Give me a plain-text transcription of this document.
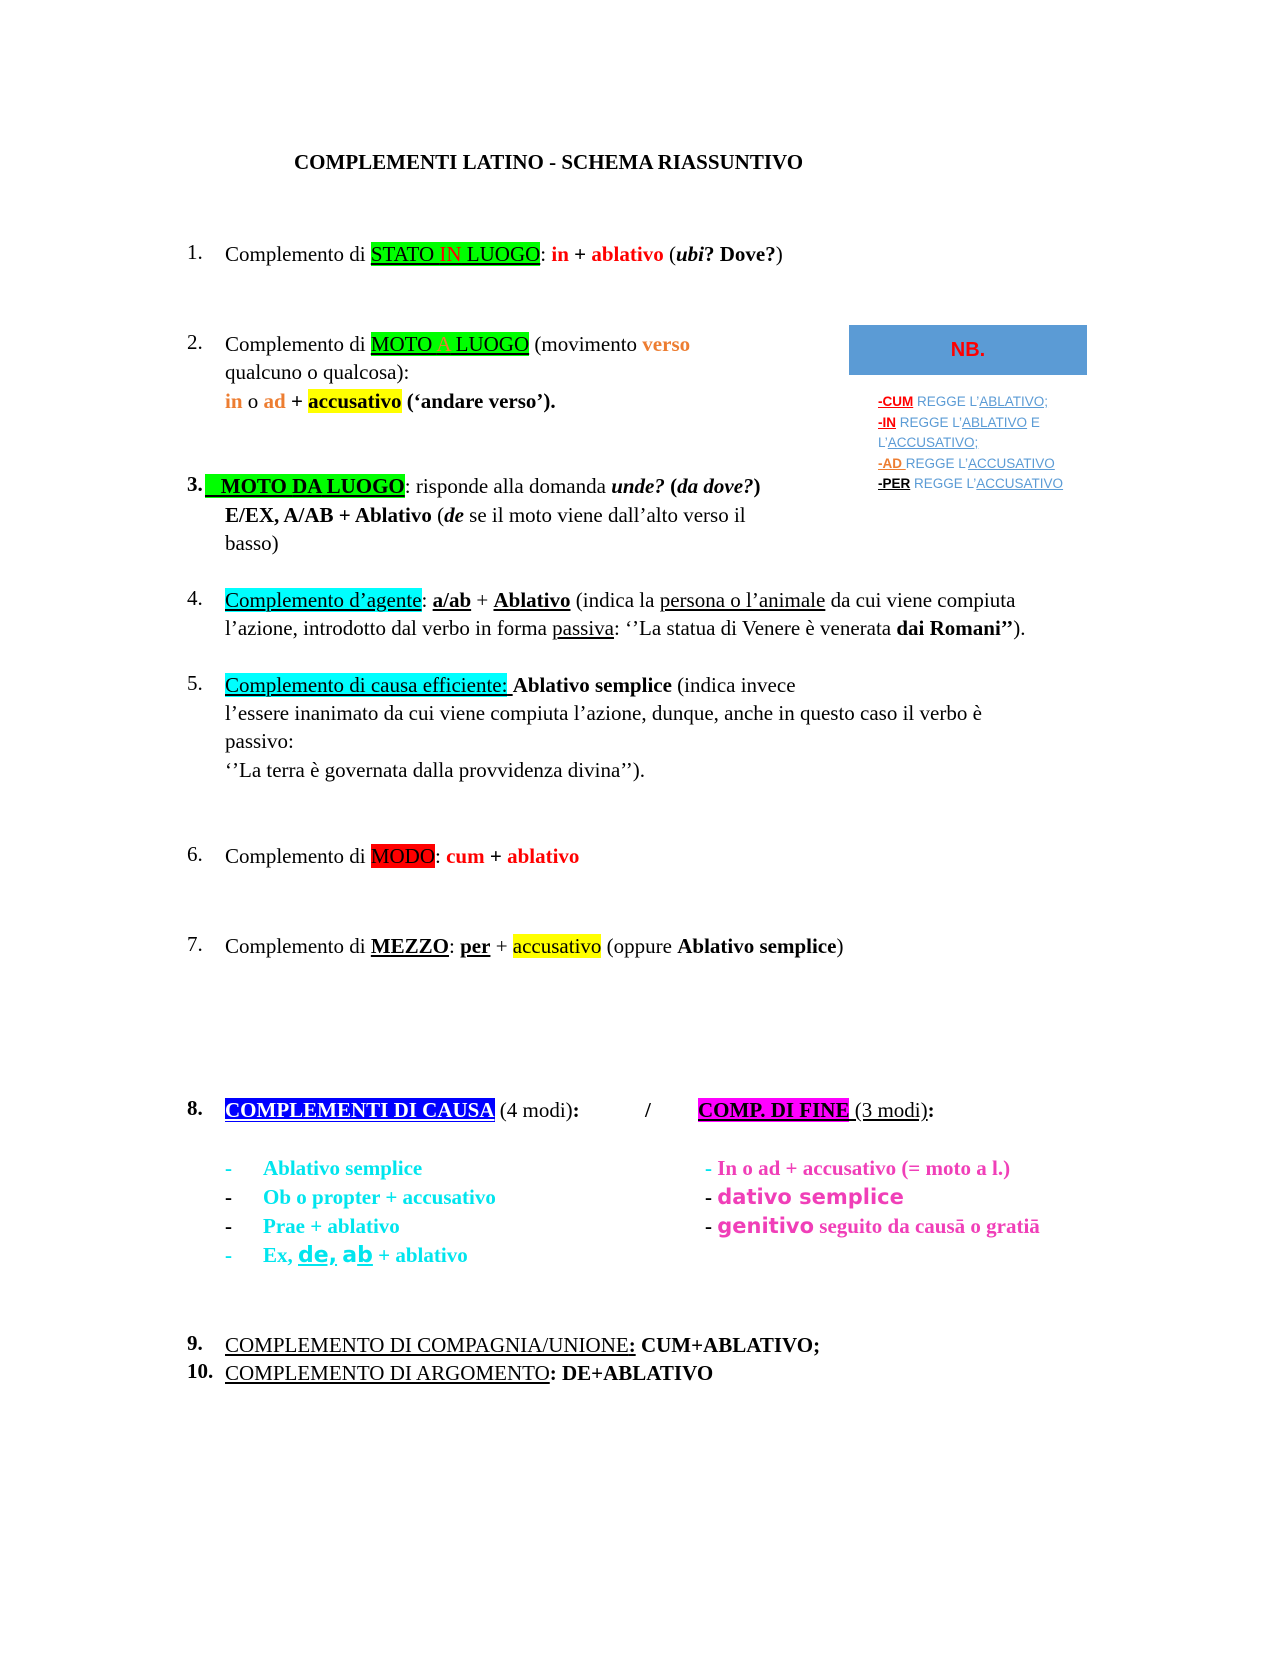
COMPLEMENTI LATINO - SCHEMA RIASSUNTIVO
1. Complemento di STATO IN LUOGO: in + ablativo (ubi? Dove?)
2. Complemento di MOTO A LUOGO (movimento verso
qualcuno o qualcosa):
in o ad + accusativo (‘andare verso’).
3. MOTO DA LUOGO: risponde alla domanda unde? (da dove?)
E/EX, A/AB + Ablativo (de se il moto viene dall’alto verso il
basso)
4. Complemento d’agente: a/ab + Ablativo (indica la persona o l’animale da cui viene compiuta
l’azione, introdotto dal verbo in forma passiva: ‘’La statua di Venere è venerata dai Romani’’).
5. Complemento di causa efficiente: Ablativo semplice (indica invece
l’essere inanimato da cui viene compiuta l’azione, dunque, anche in questo caso il verbo è
passivo:
‘’La terra è governata dalla provvidenza divina’’).
6. Complemento di MODO: cum + ablativo
7. Complemento di MEZZO: per + accusativo (oppure Ablativo semplice)
8. COMPLEMENTI DI CAUSA (4 modi):	/ COMP. DI FINE (3 modi):
- Ablativo semplice
- Ob o propter + accusativo
- Prae + ablativo
- Ex, de, ab + ablativo
- In o ad + accusativo (= moto a l.)
- dativo semplice
- genitivo seguito da causā o gratiā
9. COMPLEMENTO DI COMPAGNIA/UNIONE: CUM+ABLATIVO;
10. COMPLEMENTO DI ARGOMENTO: DE+ABLATIVO
NB.
-CUM REGGE L’ABLATIVO;
-IN REGGE L’ABLATIVO E
L’ACCUSATIVO;
-AD REGGE L’ACCUSATIVO
-PER REGGE L’ACCUSATIVO
